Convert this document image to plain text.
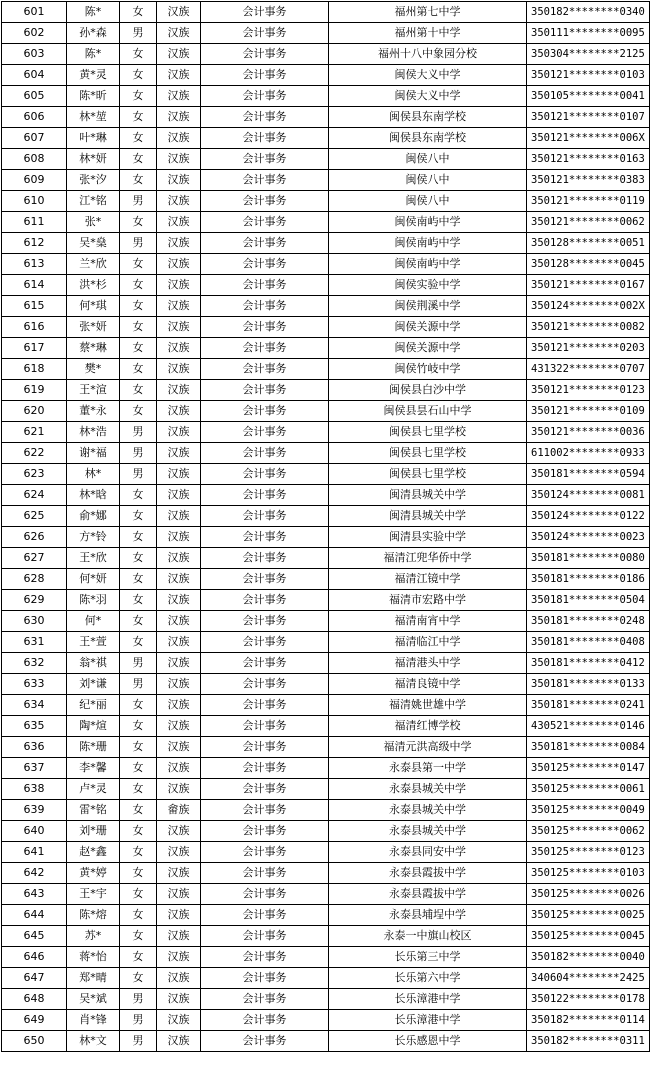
601	陈*	女	汉族	会计事务	福州第七中学	350182********0340
602	孙*森	男	汉族	会计事务	福州第十中学	350111********0095
603	陈*	女	汉族	会计事务	福州十八中象园分校	350304********2125
604	黄*灵	女	汉族	会计事务	闽侯大义中学	350121********0103
605	陈*昕	女	汉族	会计事务	闽侯大义中学	350105********0041
606	林*堃	女	汉族	会计事务	闽侯县东南学校	350121********0107
607	叶*琳	女	汉族	会计事务	闽侯县东南学校	350121********006X
608	林*妍	女	汉族	会计事务	闽侯八中	350121********0163
609	张*汐	女	汉族	会计事务	闽侯八中	350121********0383
610	江*铭	男	汉族	会计事务	闽侯八中	350121********0119
611	张*	女	汉族	会计事务	闽侯南屿中学	350121********0062
612	吴*燊	男	汉族	会计事务	闽侯南屿中学	350128********0051
613	兰*欣	女	汉族	会计事务	闽侯南屿中学	350128********0045
614	洪*杉	女	汉族	会计事务	闽侯实验中学	350121********0167
615	何*琪	女	汉族	会计事务	闽侯荆溪中学	350124********002X
616	张*妍	女	汉族	会计事务	闽侯关源中学	350121********0082
617	蔡*琳	女	汉族	会计事务	闽侯关源中学	350121********0203
618	樊*	女	汉族	会计事务	闽侯竹岐中学	431322********0707
619	王*渲	女	汉族	会计事务	闽侯县白沙中学	350121********0123
620	董*永	女	汉族	会计事务	闽侯县昙石山中学	350121********0109
621	林*浩	男	汉族	会计事务	闽侯县七里学校	350121********0036
622	谢*福	男	汉族	会计事务	闽侯县七里学校	611002********0933
623	林*	男	汉族	会计事务	闽侯县七里学校	350181********0594
624	林*晗	女	汉族	会计事务	闽清县城关中学	350124********0081
625	俞*娜	女	汉族	会计事务	闽清县城关中学	350124********0122
626	方*铃	女	汉族	会计事务	闽清县实验中学	350124********0023
627	王*欣	女	汉族	会计事务	福清江兜华侨中学	350181********0080
628	何*妍	女	汉族	会计事务	福清江镜中学	350181********0186
629	陈*羽	女	汉族	会计事务	福清市宏路中学	350181********0504
630	何*	女	汉族	会计事务	福清南宵中学	350181********0248
631	王*萱	女	汉族	会计事务	福清临江中学	350181********0408
632	翁*祺	男	汉族	会计事务	福清港头中学	350181********0412
633	刘*谦	男	汉族	会计事务	福清良镜中学	350181********0133
634	纪*丽	女	汉族	会计事务	福清姚世雄中学	350181********0241
635	陶*煊	女	汉族	会计事务	福清红博学校	430521********0146
636	陈*珊	女	汉族	会计事务	福清元洪高级中学	350181********0084
637	李*馨	女	汉族	会计事务	永泰县第一中学	350125********0147
638	卢*灵	女	汉族	会计事务	永泰县城关中学	350125********0061
639	雷*铭	女	畲族	会计事务	永泰县城关中学	350125********0049
640	刘*珊	女	汉族	会计事务	永泰县城关中学	350125********0062
641	赵*鑫	女	汉族	会计事务	永泰县同安中学	350125********0123
642	黄*婷	女	汉族	会计事务	永泰县霞拔中学	350125********0103
643	王*宇	女	汉族	会计事务	永泰县霞拔中学	350125********0026
644	陈*熔	女	汉族	会计事务	永泰县埔埕中学	350125********0025
645	苏*	女	汉族	会计事务	永泰一中旗山校区	350125********0045
646	蒋*怡	女	汉族	会计事务	长乐第三中学	350182********0040
647	郑*晴	女	汉族	会计事务	长乐第六中学	340604********2425
648	吴*斌	男	汉族	会计事务	长乐漳港中学	350122********0178
649	肖*锋	男	汉族	会计事务	长乐漳港中学	350182********0114
650	林*文	男	汉族	会计事务	长乐感恩中学	350182********0311
